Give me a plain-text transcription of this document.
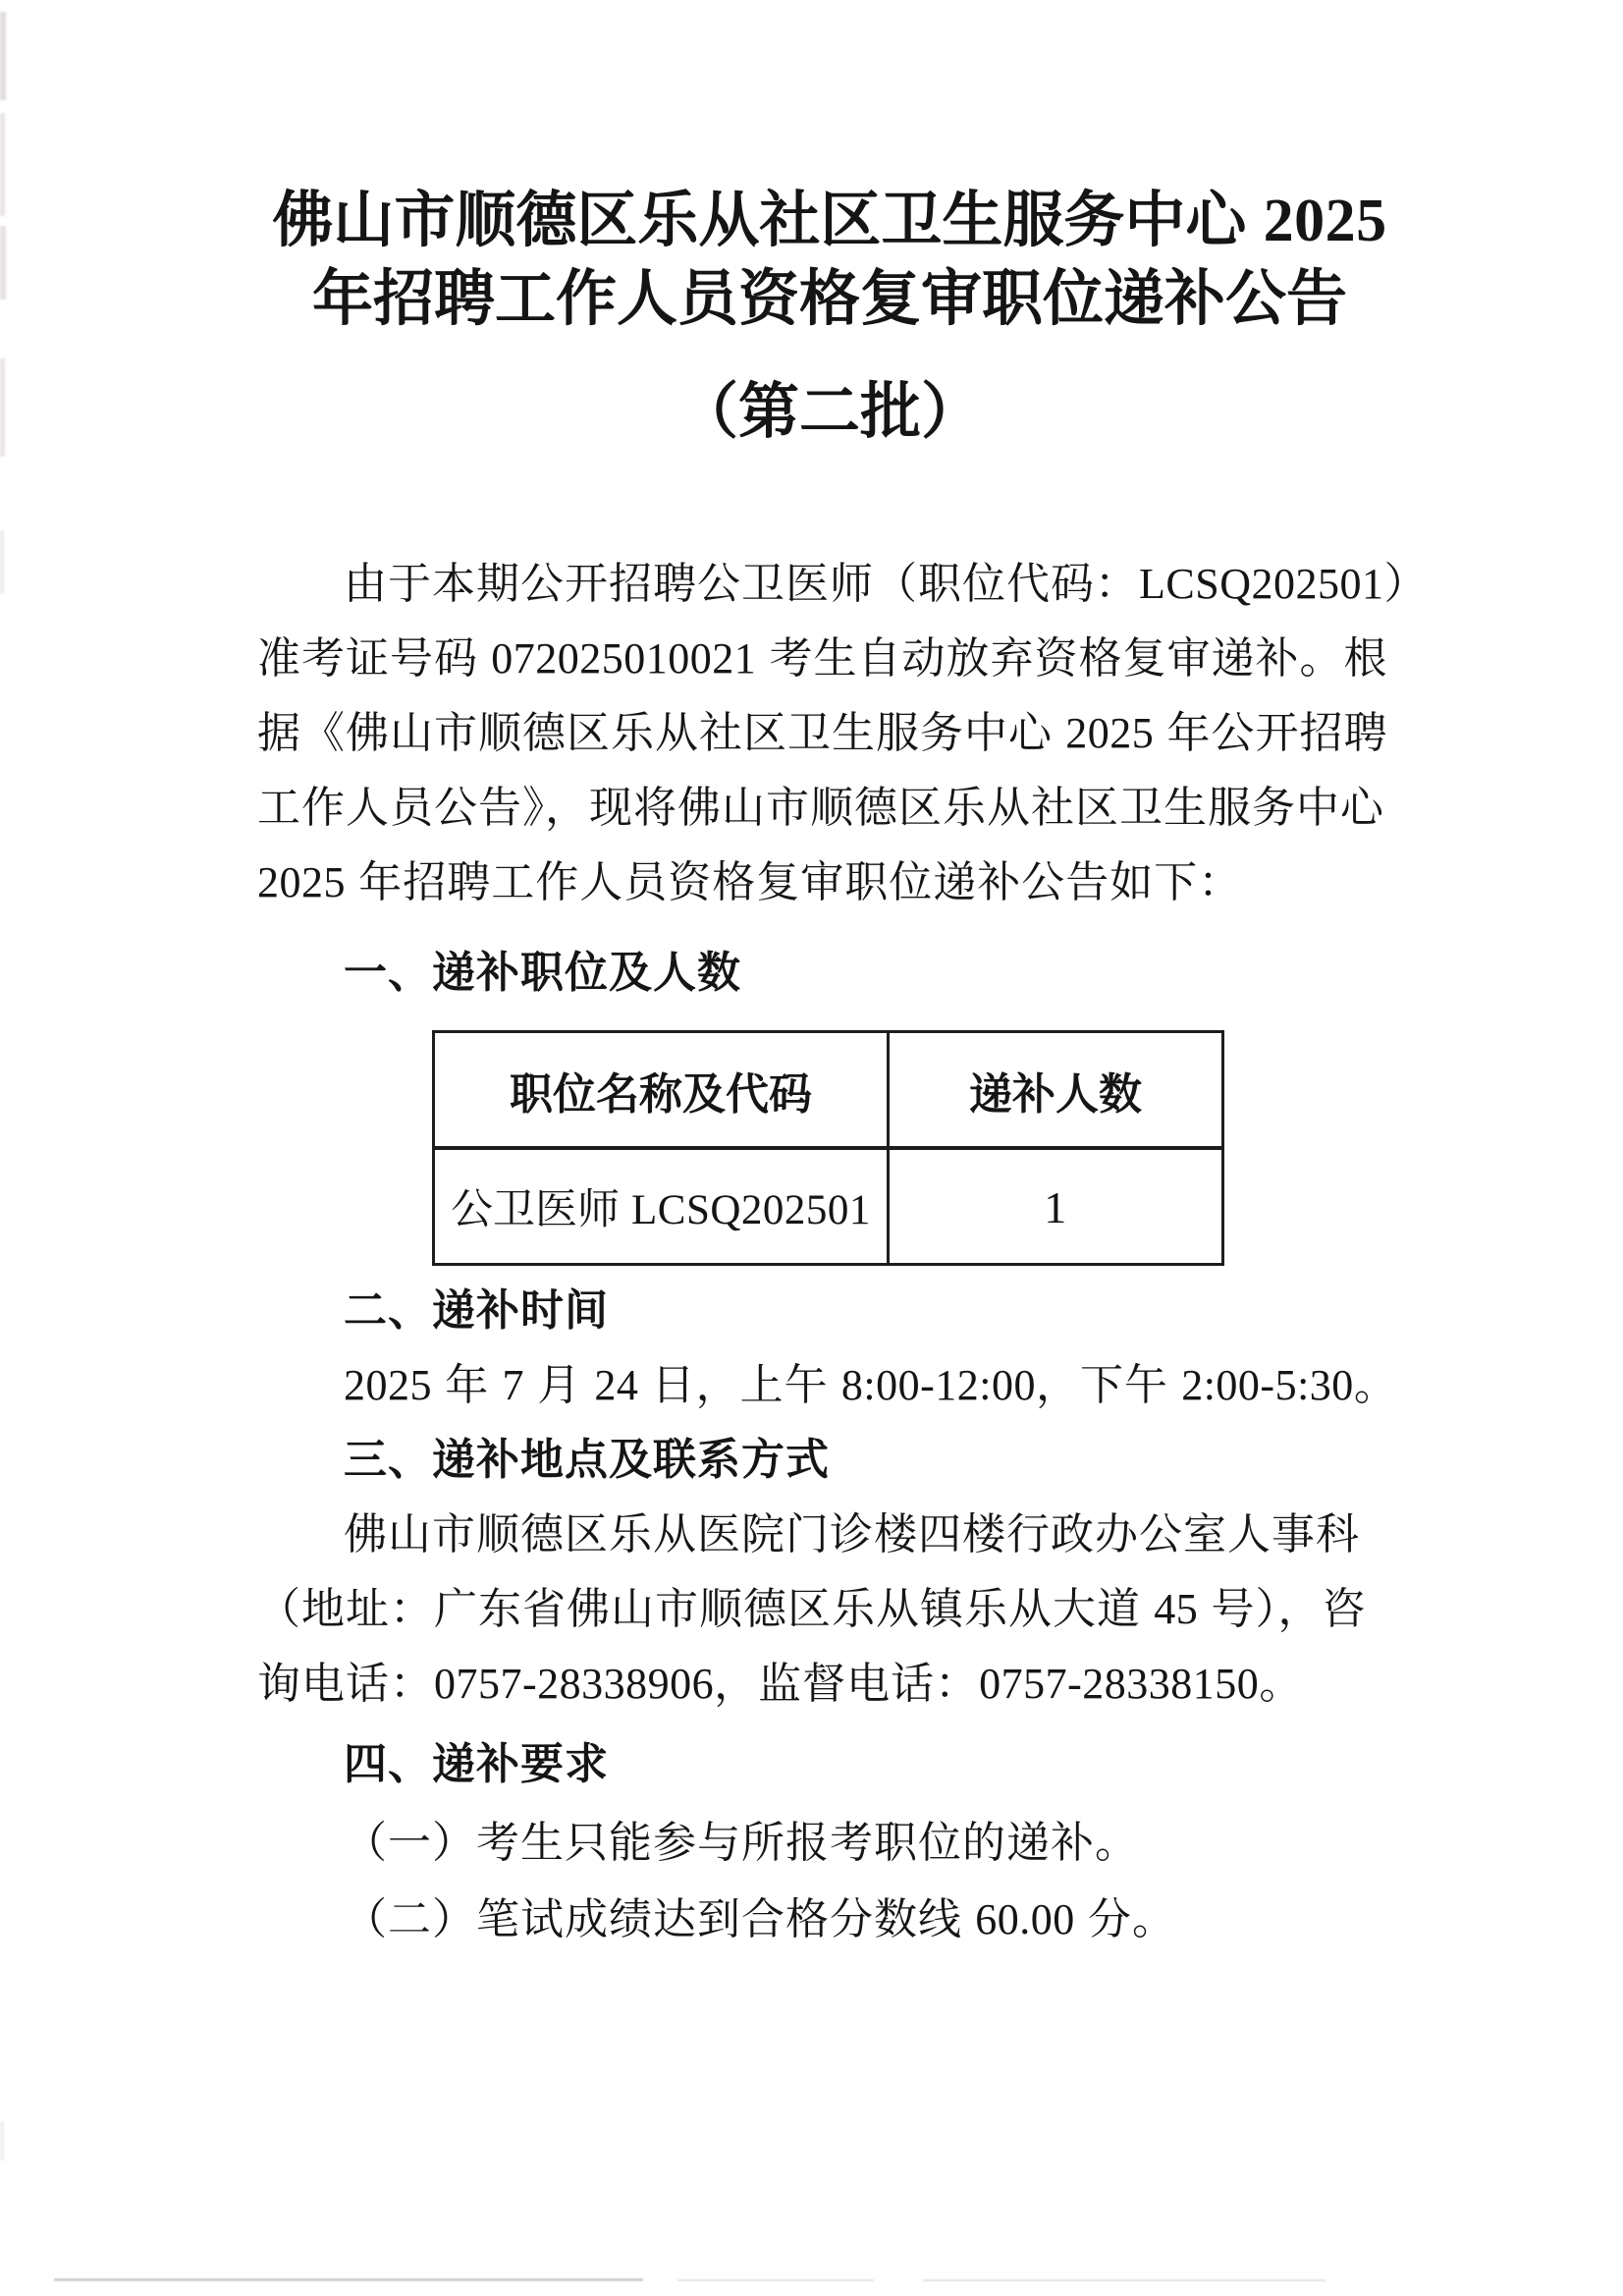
佛山市顺德区乐从社区卫生服务中心 2025
年招聘工作人员资格复审职位递补公告
（第二批）
由于本期公开招聘公卫医师（职位代码：LCSQ202501）
准考证号码 072025010021 考生自动放弃资格复审递补。根
据《佛山市顺德区乐从社区卫生服务中心 2025 年公开招聘
工作人员公告》，现将佛山市顺德区乐从社区卫生服务中心
2025 年招聘工作人员资格复审职位递补公告如下：
一、递补职位及人数
职位名称及代码	递补人数
公卫医师 LCSQ202501	1
二、递补时间
2025 年 7 月 24 日，上午 8:00-12:00，下午 2:00-5:30。
三、递补地点及联系方式
佛山市顺德区乐从医院门诊楼四楼行政办公室人事科
（地址：广东省佛山市顺德区乐从镇乐从大道 45 号），咨
询电话：0757-28338906，监督电话：0757-28338150。
四、递补要求
（一）考生只能参与所报考职位的递补。
（二）笔试成绩达到合格分数线 60.00 分。
